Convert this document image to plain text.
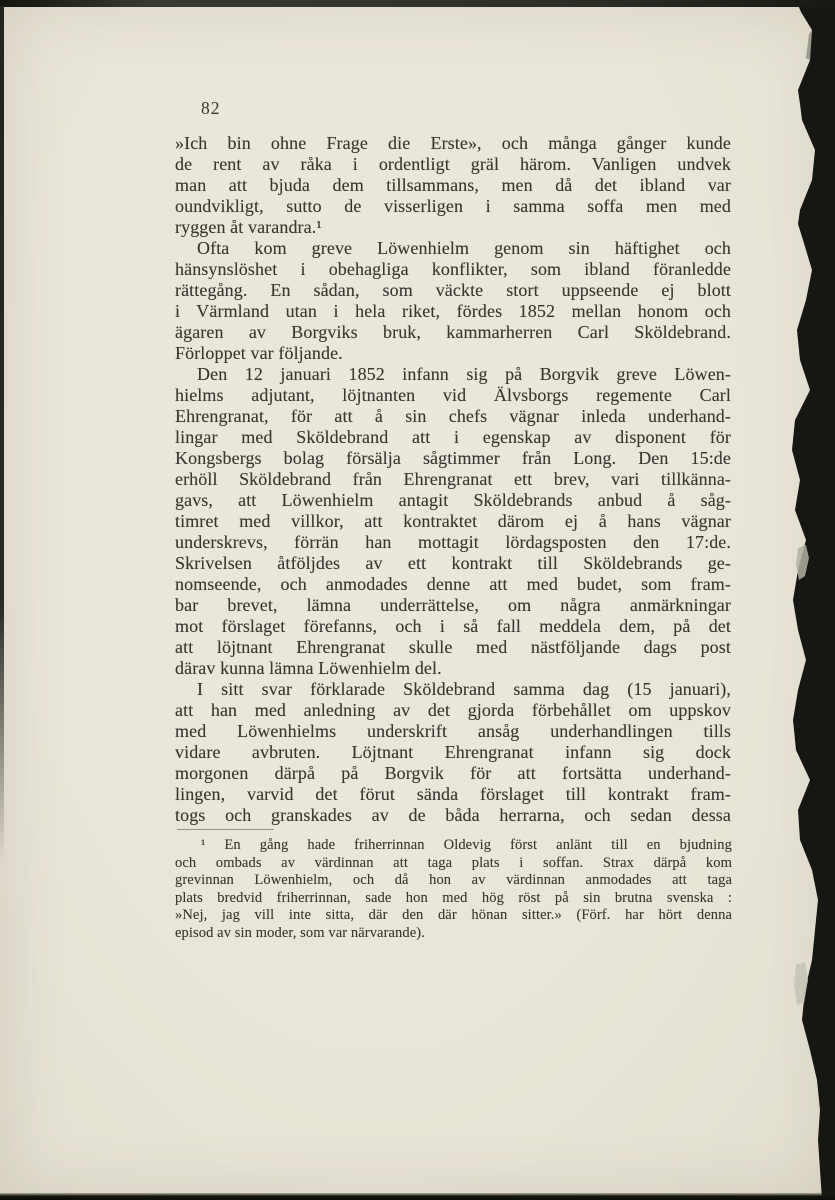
82
»Ich bin ohne Frage die Erste», och många gånger kunde
de rent av råka i ordentligt gräl härom. Vanligen undvek
man att bjuda dem tillsammans, men då det ibland var
oundvikligt, sutto de visserligen i samma soffa men med
ryggen åt varandra.¹
Ofta kom greve Löwenhielm genom sin häftighet och
hänsynslöshet i obehagliga konflikter, som ibland föranledde
rättegång. En sådan, som väckte stort uppseende ej blott
i Värmland utan i hela riket, fördes 1852 mellan honom och
ägaren av Borgviks bruk, kammarherren Carl Sköldebrand.
Förloppet var följande.
Den 12 januari 1852 infann sig på Borgvik greve Löwen-
hielms adjutant, löjtnanten vid Älvsborgs regemente Carl
Ehrengranat, för att å sin chefs vägnar inleda underhand-
lingar med Sköldebrand att i egenskap av disponent för
Kongsbergs bolag försälja sågtimmer från Long. Den 15:de
erhöll Sköldebrand från Ehrengranat ett brev, vari tillkänna-
gavs, att Löwenhielm antagit Sköldebrands anbud å såg-
timret med villkor, att kontraktet därom ej å hans vägnar
underskrevs, förrän han mottagit lördagsposten den 17:de.
Skrivelsen åtföljdes av ett kontrakt till Sköldebrands ge-
nomseende, och anmodades denne att med budet, som fram-
bar brevet, lämna underrättelse, om några anmärkningar
mot förslaget förefanns, och i så fall meddela dem, på det
att löjtnant Ehrengranat skulle med nästföljande dags post
därav kunna lämna Löwenhielm del.
I sitt svar förklarade Sköldebrand samma dag (15 januari),
att han med anledning av det gjorda förbehållet om uppskov
med Löwenhielms underskrift ansåg underhandlingen tills
vidare avbruten. Löjtnant Ehrengranat infann sig dock
morgonen därpå på Borgvik för att fortsätta underhand-
lingen, varvid det förut sända förslaget till kontrakt fram-
togs och granskades av de båda herrarna, och sedan dessa
¹ En gång hade friherrinnan Oldevig först anlänt till en bjudning
och ombads av värdinnan att taga plats i soffan. Strax därpå kom
grevinnan Löwenhielm, och då hon av värdinnan anmodades att taga
plats bredvid friherrinnan, sade hon med hög röst på sin brutna svenska :
»Nej, jag vill inte sitta, där den där hönan sitter.» (Förf. har hört denna
episod av sin moder, som var närvarande).
